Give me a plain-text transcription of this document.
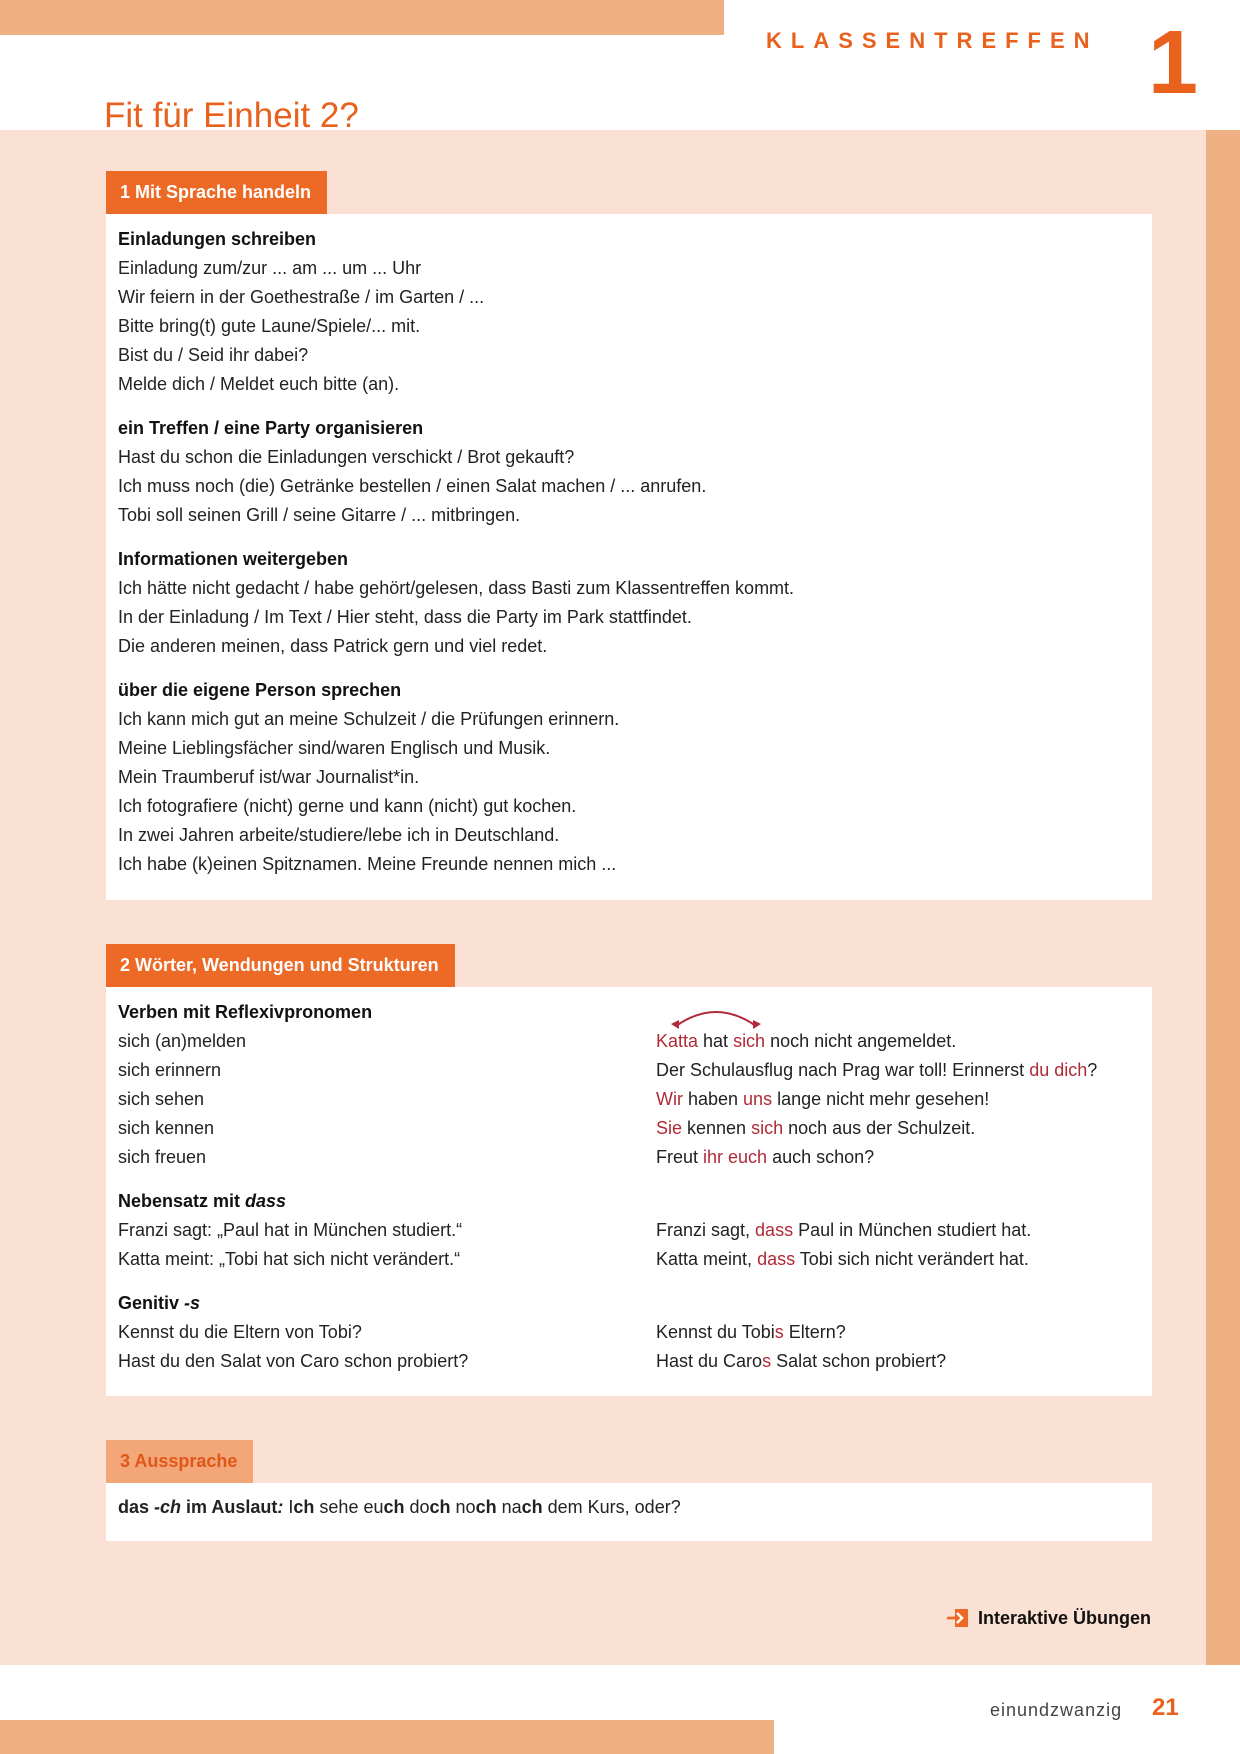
KLASSENTREFFEN 1
Fit für Einheit 2?
1 Mit Sprache handeln
Einladungen schreiben
Einladung zum/zur ... am ... um ... Uhr
Wir feiern in der Goethestraße / im Garten / ...
Bitte bring(t) gute Laune/Spiele/... mit.
Bist du / Seid ihr dabei?
Melde dich / Meldet euch bitte (an).
ein Treffen / eine Party organisieren
Hast du schon die Einladungen verschickt / Brot gekauft?
Ich muss noch (die) Getränke bestellen / einen Salat machen / ... anrufen.
Tobi soll seinen Grill / seine Gitarre / ... mitbringen.
Informationen weitergeben
Ich hätte nicht gedacht / habe gehört/gelesen, dass Basti zum Klassentreffen kommt.
In der Einladung / Im Text / Hier steht, dass die Party im Park stattfindet.
Die anderen meinen, dass Patrick gern und viel redet.
über die eigene Person sprechen
Ich kann mich gut an meine Schulzeit / die Prüfungen erinnern.
Meine Lieblingsfächer sind/waren Englisch und Musik.
Mein Traumberuf ist/war Journalist*in.
Ich fotografiere (nicht) gerne und kann (nicht) gut kochen.
In zwei Jahren arbeite/studiere/lebe ich in Deutschland.
Ich habe (k)einen Spitznamen. Meine Freunde nennen mich ...
2 Wörter, Wendungen und Strukturen
Verben mit Reflexivpronomen
sich (an)melden
sich erinnern
sich sehen
sich kennen
sich freuen
Katta hat sich noch nicht angemeldet.
Der Schulausflug nach Prag war toll! Erinnerst du dich?
Wir haben uns lange nicht mehr gesehen!
Sie kennen sich noch aus der Schulzeit.
Freut ihr euch auch schon?
Nebensatz mit dass
Franzi sagt: „Paul hat in München studiert.“
Katta meint: „Tobi hat sich nicht verändert.“
Franzi sagt, dass Paul in München studiert hat.
Katta meint, dass Tobi sich nicht verändert hat.
Genitiv -s
Kennst du die Eltern von Tobi?
Hast du den Salat von Caro schon probiert?
Kennst du Tobis Eltern?
Hast du Caros Salat schon probiert?
3 Aussprache
das -ch im Auslaut: Ich sehe euch doch noch nach dem Kurs, oder?
Interaktive Übungen
einundzwanzig 21
